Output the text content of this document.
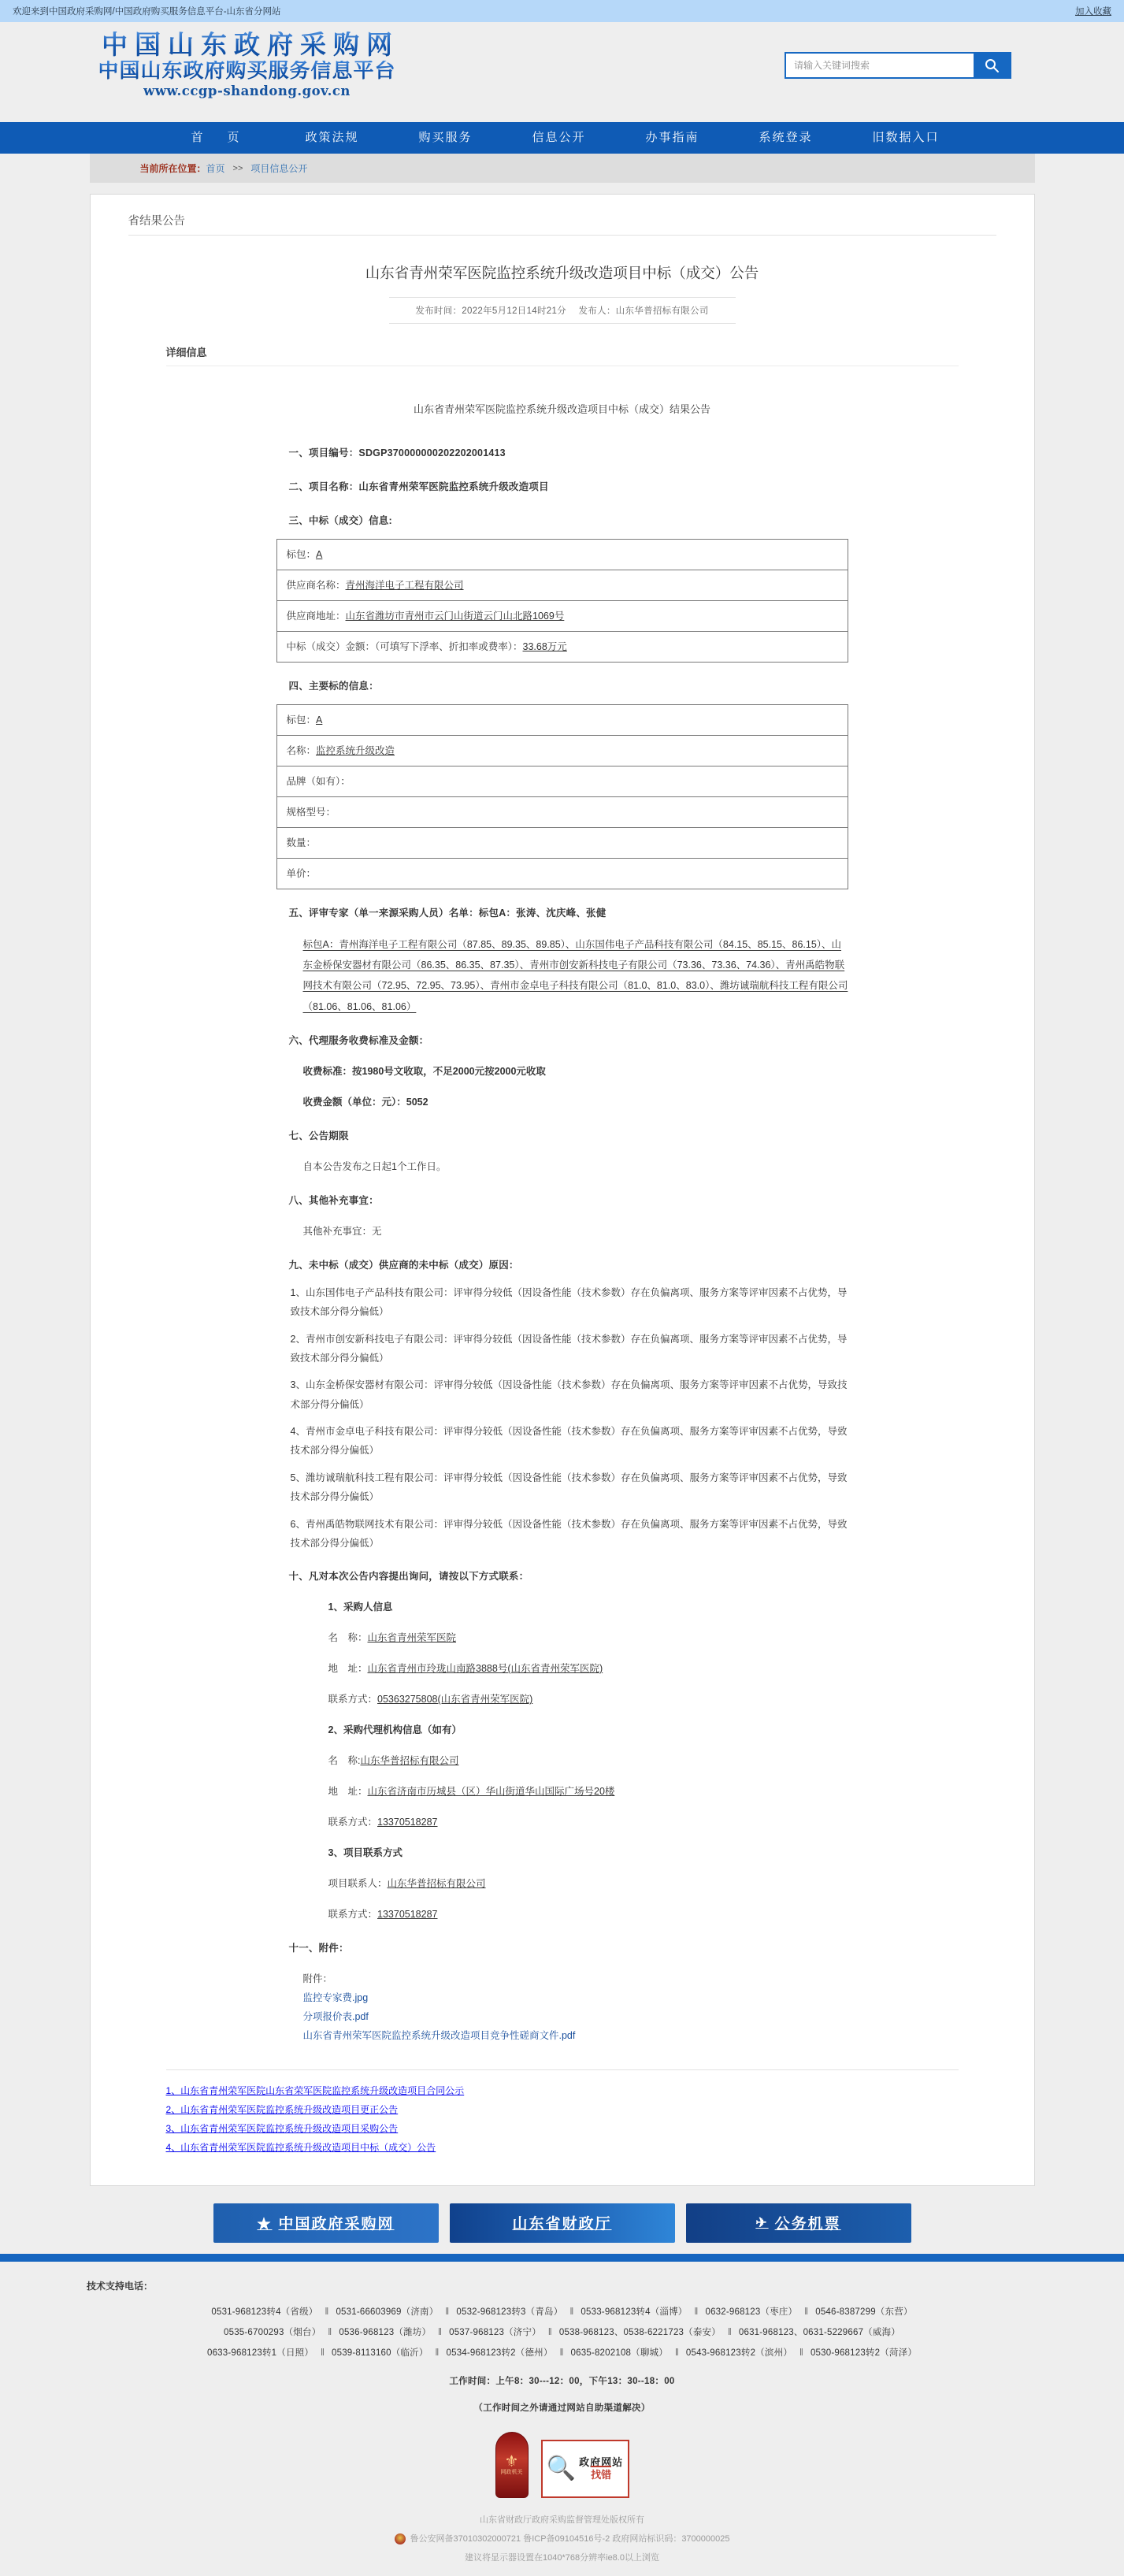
欢迎来到中国政府采购网/中国政府购买服务信息平台-山东省分网站	加入收藏
中国山东政府采购网
中国山东政府购买服务信息平台
www.ccgp-shandong.gov.cn
请输入关键词搜索
首　页	政策法规	购买服务	信息公开	办事指南	系统登录	旧数据入口
当前所在位置： 首页 >> 项目信息公开
省结果公告
山东省青州荣军医院监控系统升级改造项目中标（成交）公告
发布时间：2022年5月12日14时21分 发布人：山东华普招标有限公司
详细信息
山东省青州荣军医院监控系统升级改造项目中标（成交）结果公告
一、项目编号：SDGP370000000202202001413
二、项目名称：山东省青州荣军医院监控系统升级改造项目
三、中标（成交）信息:
标包：A
供应商名称：青州海洋电子工程有限公司
供应商地址：山东省潍坊市青州市云门山街道云门山北路1069号
中标（成交）金额：（可填写下浮率、折扣率或费率）：33.68万元
四、主要标的信息：
标包：A
名称：监控系统升级改造
品牌（如有）：
规格型号：
数量：
单价：
五、评审专家（单一来源采购人员）名单：标包A：张涛、沈庆峰、张健
标包A：青州海洋电子工程有限公司（87.85、89.35、89.85）、山东国伟电子产品科技有限公司（84.15、85.15、86.15）、山东金桥保安器材有限公司（86.35、86.35、87.35）、青州市创安新科技电子有限公司（73.36、73.36、74.36）、青州禹皓物联网技术有限公司（72.95、72.95、73.95）、青州市金卓电子科技有限公司（81.0、81.0、83.0）、潍坊诚瑞航科技工程有限公司（81.06、81.06、81.06）
六、代理服务收费标准及金额：
收费标准：按1980号文收取，不足2000元按2000元收取
收费金额（单位：元）：5052
七、公告期限
自本公告发布之日起1个工作日。
八、其他补充事宜：
其他补充事宜：无
九、未中标（成交）供应商的未中标（成交）原因：
1、山东国伟电子产品科技有限公司：评审得分较低（因设备性能（技术参数）存在负偏离项、服务方案等评审因素不占优势，导致技术部分得分偏低）
2、青州市创安新科技电子有限公司：评审得分较低（因设备性能（技术参数）存在负偏离项、服务方案等评审因素不占优势，导致技术部分得分偏低）
3、山东金桥保安器材有限公司：评审得分较低（因设备性能（技术参数）存在负偏离项、服务方案等评审因素不占优势，导致技术部分得分偏低）
4、青州市金卓电子科技有限公司：评审得分较低（因设备性能（技术参数）存在负偏离项、服务方案等评审因素不占优势，导致技术部分得分偏低）
5、潍坊诚瑞航科技工程有限公司：评审得分较低（因设备性能（技术参数）存在负偏离项、服务方案等评审因素不占优势，导致技术部分得分偏低）
6、青州禹皓物联网技术有限公司：评审得分较低（因设备性能（技术参数）存在负偏离项、服务方案等评审因素不占优势，导致技术部分得分偏低）
十、凡对本次公告内容提出询问，请按以下方式联系：
1、采购人信息
名　称：山东省青州荣军医院
地　址：山东省青州市玲珑山南路3888号(山东省青州荣军医院)
联系方式：05363275808(山东省青州荣军医院)
2、采购代理机构信息（如有）
名　称:山东华普招标有限公司
地　址：山东省济南市历城县（区）华山街道华山国际广场号20楼
联系方式：13370518287
3、项目联系方式
项目联系人：山东华普招标有限公司
联系方式：13370518287
十一、附件：
附件：
监控专家费.jpg
分项报价表.pdf
山东省青州荣军医院监控系统升级改造项目竞争性磋商文件.pdf
1、山东省青州荣军医院山东省荣军医院监控系统升级改造项目合同公示
2、山东省青州荣军医院监控系统升级改造项目更正公告
3、山东省青州荣军医院监控系统升级改造项目采购公告
4、山东省青州荣军医院监控系统升级改造项目中标（成交）公告
★ 中国政府采购网	山东省财政厅	✈ 公务机票
技术支持电话：
0531-968123转4（省级） ‖ 0531-66603969（济南） ‖ 0532-968123转3（青岛） ‖ 0533-968123转4（淄博） ‖ 0632-968123（枣庄） ‖ 0546-8387299（东营）
0535-6700293（烟台） ‖ 0536-968123（潍坊） ‖ 0537-968123（济宁） ‖ 0538-968123、0538-6221723（泰安） ‖ 0631-968123、0631-5229667（威海）
0633-968123转1（日照） ‖ 0539-8113160（临沂） ‖ 0534-968123转2（德州） ‖ 0635-8202108（聊城） ‖ 0543-968123转2（滨州） ‖ 0530-968123转2（菏泽）
工作时间：上午8：30---12：00，下午13：30--18：00
（工作时间之外请通过网站自助渠道解决）
⚜
网政机关 🔍 政府网站
找错
山东省财政厅政府采购监督管理处版权所有
鲁公安网备37010302000721 鲁ICP备09104516号-2 政府网站标识码：3700000025
建议将显示器设置在1040*768分辨率ie8.0以上浏览
